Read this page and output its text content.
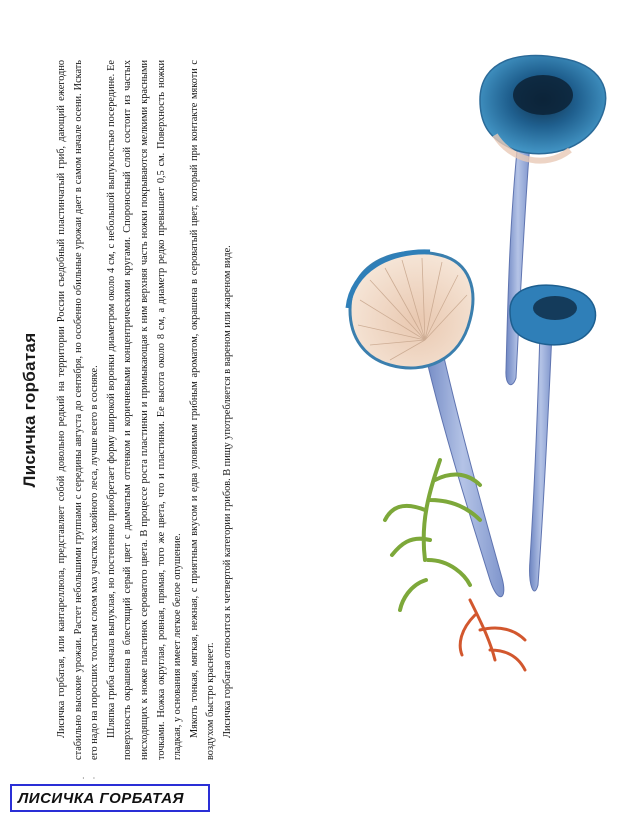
Лисичка горбатая Лисичка горбатая, или кантареллюла, представляет собой довольно редкий на территории России съедобный пластинчатый гриб, дающий ежегодно стабильно высокие урожаи. Растет небольшими группами с середины августа до сентября, но особенно обильные урожаи дает в самом начале осени. Искать его надо на поросших толстым слоем мха участках хвойного леса, лучше всего в сосняке. Шляпка гриба сначала выпуклая, но постепенно приобретает форму широкой воронки диаметром около 4 см, с небольшой выпуклостью посередине. Ее поверхность окрашена в блестящий серый цвет с дымчатым оттенком и коричневыми концентрическими кругами. Спороносный слой состоит из частых нисходящих к ножке пластинок сероватого цвета. В процессе роста пластинки и примыкающая к ним верхняя часть ножки покрываются мелкими красными точками. Ножка округлая, ровная, прямая, того же цвета, что и пластинки. Ее высота около 8 см, а диаметр редко превышает 0,5 см. Поверхность ножки гладкая, у основания имеет легкое белое опушение. Мякоть тонкая, мягкая, нежная, с приятным вкусом и едва уловимым грибным ароматом, окрашена в сероватый цвет, который при контакте мякоти с воздухом быстро краснеет. Лисичка горбатая относится к четвертой категории грибов. В пищу употребляется в вареном или жареном виде.

· ·
ЛИСИЧКА ГОРБАТАЯ
